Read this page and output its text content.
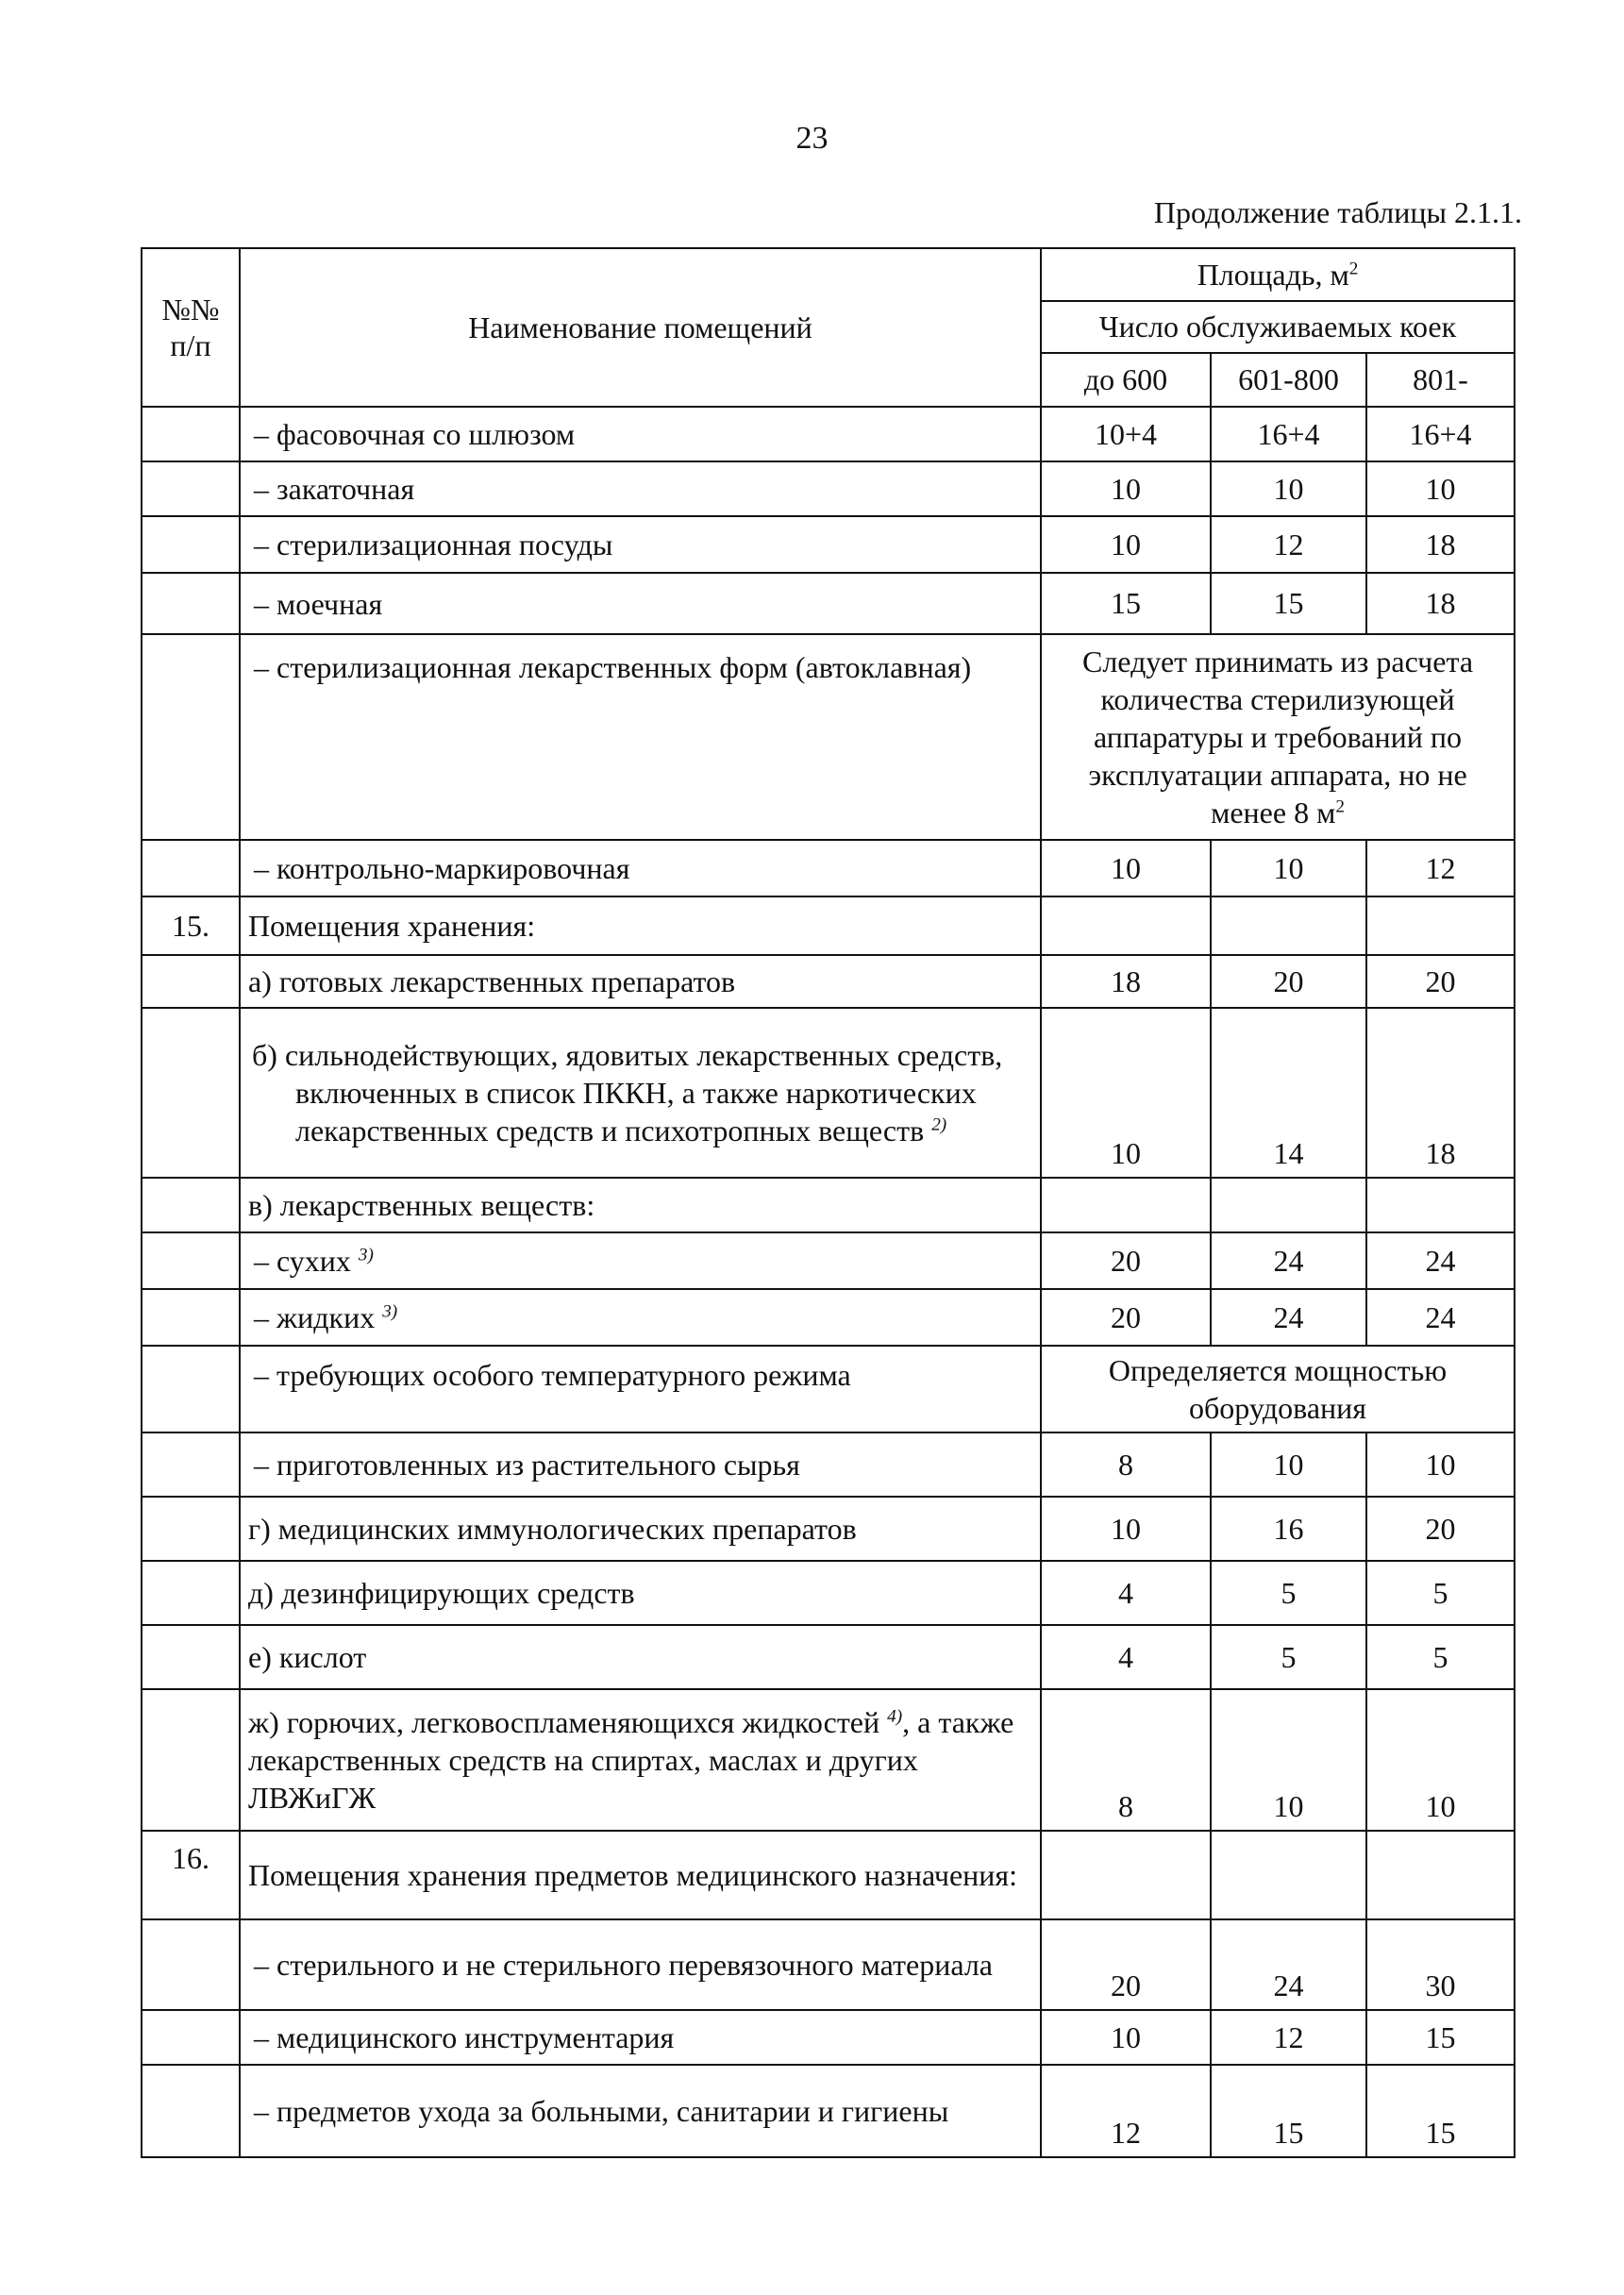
23
Продолжение таблицы 2.1.1.
№№ п/п	Наименование помещений	Площадь, $м^2$
		Число обслуживаемых коек		
		до 600	601-800	801-
	– фасовочная со шлюзом	10+4	16+4	16+4
	– закаточная	10	10	10
	– стерилизационная посуды	10	12	18
	– моечная	15	15	18
	– стерилизационная лекарственных форм (автоклавная)	Следует принимать из расчета количества стерилизующей аппаратуры и требований по эксплуатации аппарата, но не менее 8 $м^2$
	– контрольно-маркировочная	10	10	12
15.	Помещения хранения:			
	а) готовых лекарственных препаратов	18	20	20
	б) сильнодействующих, ядовитых лекарственных средств, включенных в список ПККН, а также наркотических лекарственных средств и психотропных веществ $^{2)}$	10	14	18
	в) лекарственных веществ:			
	– сухих $^{3)}$	20	24	24
	– жидких $^{3)}$	20	24	24
	– требующих особого температурного режима	Определяется мощностью оборудования		
	– приготовленных из растительного сырья	8	10	10
	г) медицинских иммунологических препаратов	10	16	20
	д) дезинфицирующих средств	4	5	5
	е) кислот	4	5	5
	ж) горючих, легковоспламеняющихся жидкостей $^{4)}$, а также лекарственных средств на спиртах, маслах и других ЛВЖиГЖ	8	10	10
16.	Помещения хранения предметов медицинского назначения:			
	– стерильного и не стерильного перевязочного материала	20	24	30
	– медицинского инструментария	10	12	15
	– предметов ухода за больными, санитарии и гигиены	12	15	15
